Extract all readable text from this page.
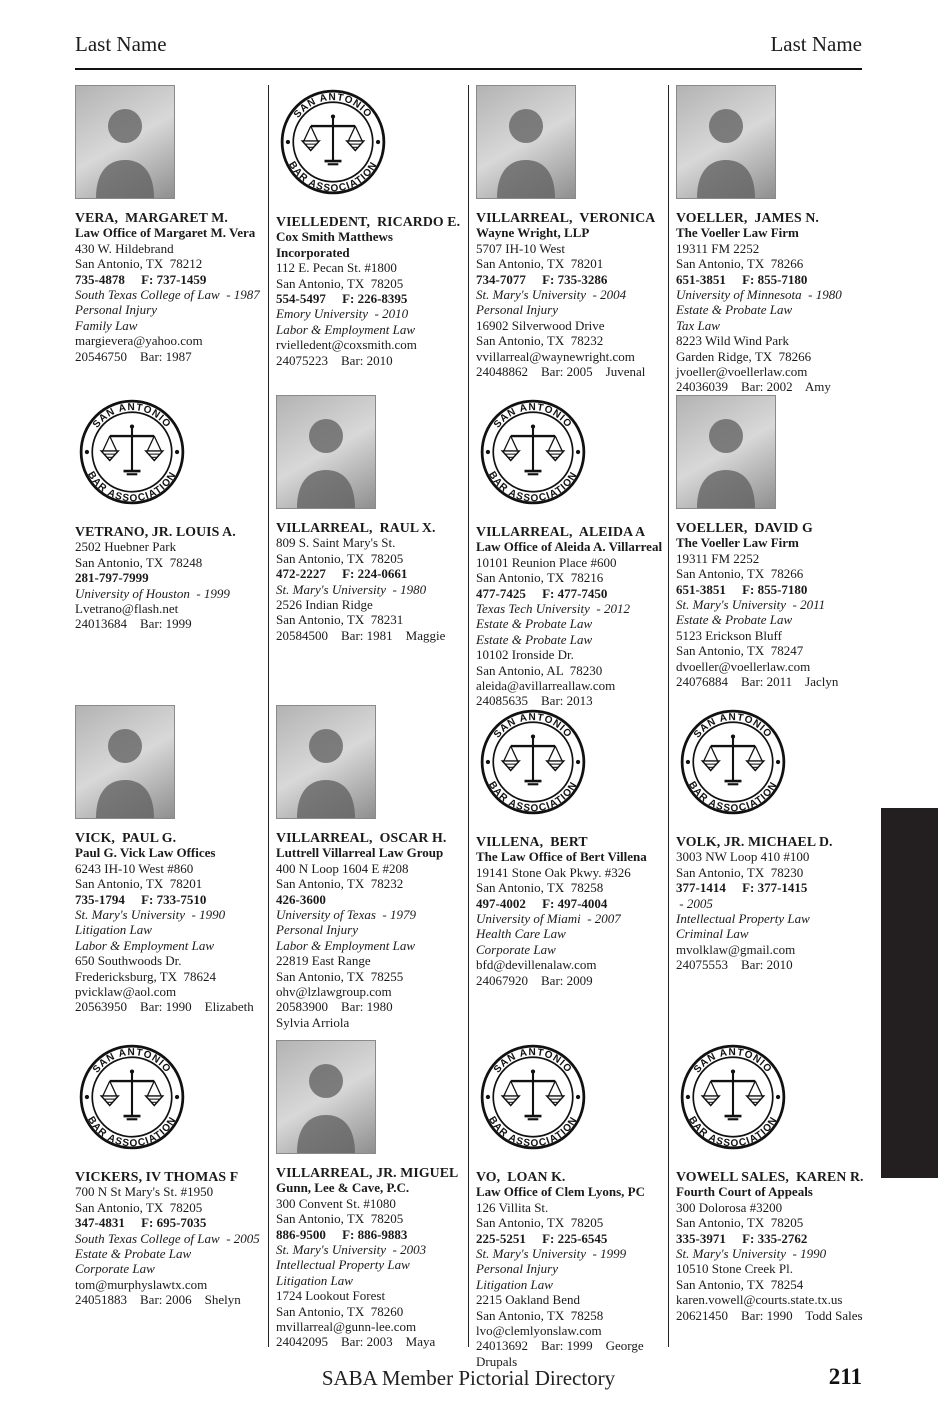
Last Name	Last Name
VERA,  MARGARET M.
Law Office of Margaret M. Vera
430 W. Hildebrand
San Antonio, TX  78212
735-4878     F: 737-1459
South Texas College of Law  - 1987
Personal Injury
Family Law
margievera@yahoo.com
20546750    Bar: 1987
SAN ANTONIO
BAR ASSOCIATION
VIELLEDENT,  RICARDO E.
Cox Smith Matthews Incorporated
112 E. Pecan St. #1800
San Antonio, TX  78205
554-5497     F: 226-8395
Emory University  - 2010
Labor & Employment Law
rvielledent@coxsmith.com
24075223    Bar: 2010
VILLARREAL,  VERONICA
Wayne Wright, LLP
5707 IH-10 West
San Antonio, TX  78201
734-7077     F: 735-3286
St. Mary's University  - 2004
Personal Injury
16902 Silverwood Drive
San Antonio, TX  78232
vvillarreal@waynewright.com
24048862    Bar: 2005    Juvenal
VOELLER,  JAMES N.
The Voeller Law Firm
19311 FM 2252
San Antonio, TX  78266
651-3851     F: 855-7180
University of Minnesota  - 1980
Estate & Probate Law
Tax Law
8223 Wild Wind Park
Garden Ridge, TX  78266
jvoeller@voellerlaw.com
24036039    Bar: 2002    Amy
SAN ANTONIO
BAR ASSOCIATION
VETRANO, JR. LOUIS A.
2502 Huebner Park
San Antonio, TX  78248
281-797-7999
University of Houston  - 1999
Lvetrano@flash.net
24013684    Bar: 1999
VILLARREAL,  RAUL X.
809 S. Saint Mary's St.
San Antonio, TX  78205
472-2227     F: 224-0661
St. Mary's University  - 1980
2526 Indian Ridge
San Antonio, TX  78231
20584500    Bar: 1981    Maggie
SAN ANTONIO
BAR ASSOCIATION
VILLARREAL,  ALEIDA A
Law Office of Aleida A. Villarreal
10101 Reunion Place #600
San Antonio, TX  78216
477-7425     F: 477-7450
Texas Tech University  - 2012
Estate & Probate Law
Estate & Probate Law
10102 Ironside Dr.
San Antonio, AL  78230
aleida@avillarreallaw.com
24085635    Bar: 2013
VOELLER,  DAVID G
The Voeller Law Firm
19311 FM 2252
San Antonio, TX  78266
651-3851     F: 855-7180
St. Mary's University  - 2011
Estate & Probate Law
5123 Erickson Bluff
San Antonio, TX  78247
dvoeller@voellerlaw.com
24076884    Bar: 2011    Jaclyn
VICK,  PAUL G.
Paul G. Vick Law Offices
6243 IH-10 West #860
San Antonio, TX  78201
735-1794     F: 733-7510
St. Mary's University  - 1990
Litigation Law
Labor & Employment Law
650 Southwoods Dr.
Fredericksburg, TX  78624
pvicklaw@aol.com
20563950    Bar: 1990    Elizabeth
VILLARREAL,  OSCAR H.
Luttrell Villarreal Law Group
400 N Loop 1604 E #208
San Antonio, TX  78232
426-3600
University of Texas  - 1979
Personal Injury
Labor & Employment Law
22819 East Range
San Antonio, TX  78255
ohv@lzlawgroup.com
20583900    Bar: 1980
Sylvia Arriola
SAN ANTONIO
BAR ASSOCIATION
VILLENA,  BERT
The Law Office of Bert Villena
19141 Stone Oak Pkwy. #326
San Antonio, TX  78258
497-4002     F: 497-4004
University of Miami  - 2007
Health Care Law
Corporate Law
bfd@devillenalaw.com
24067920    Bar: 2009
SAN ANTONIO
BAR ASSOCIATION
VOLK, JR. MICHAEL D.
3003 NW Loop 410 #100
San Antonio, TX  78230
377-1414     F: 377-1415
- 2005
Intellectual Property Law
Criminal Law
mvolklaw@gmail.com
24075553    Bar: 2010
SAN ANTONIO
BAR ASSOCIATION
VICKERS, IV THOMAS F
700 N St Mary's St. #1950
San Antonio, TX  78205
347-4831     F: 695-7035
South Texas College of Law  - 2005
Estate & Probate Law
Corporate Law
tom@murphyslawtx.com
24051883    Bar: 2006    Shelyn
VILLARREAL, JR. MIGUEL
Gunn, Lee & Cave, P.C.
300 Convent St. #1080
San Antonio, TX  78205
886-9500     F: 886-9883
St. Mary's University  - 2003
Intellectual Property Law
Litigation Law
1724 Lookout Forest
San Antonio, TX  78260
mvillarreal@gunn-lee.com
24042095    Bar: 2003    Maya
SAN ANTONIO
BAR ASSOCIATION
VO,  LOAN K.
Law Office of Clem Lyons, PC
126 Villita St.
San Antonio, TX  78205
225-5251     F: 225-6545
St. Mary's University  - 1999
Personal Injury
Litigation Law
2215 Oakland Bend
San Antonio, TX  78258
lvo@clemlyonslaw.com
24013692    Bar: 1999    George Drupals
SAN ANTONIO
BAR ASSOCIATION
VOWELL SALES,  KAREN R.
Fourth Court of Appeals
300 Dolorosa #3200
San Antonio, TX  78205
335-3971     F: 335-2762
St. Mary's University  - 1990
10510 Stone Creek Pl.
San Antonio, TX  78254
karen.vowell@courts.state.tx.us
20621450    Bar: 1990    Todd Sales
SABA Member Pictorial Directory	211
